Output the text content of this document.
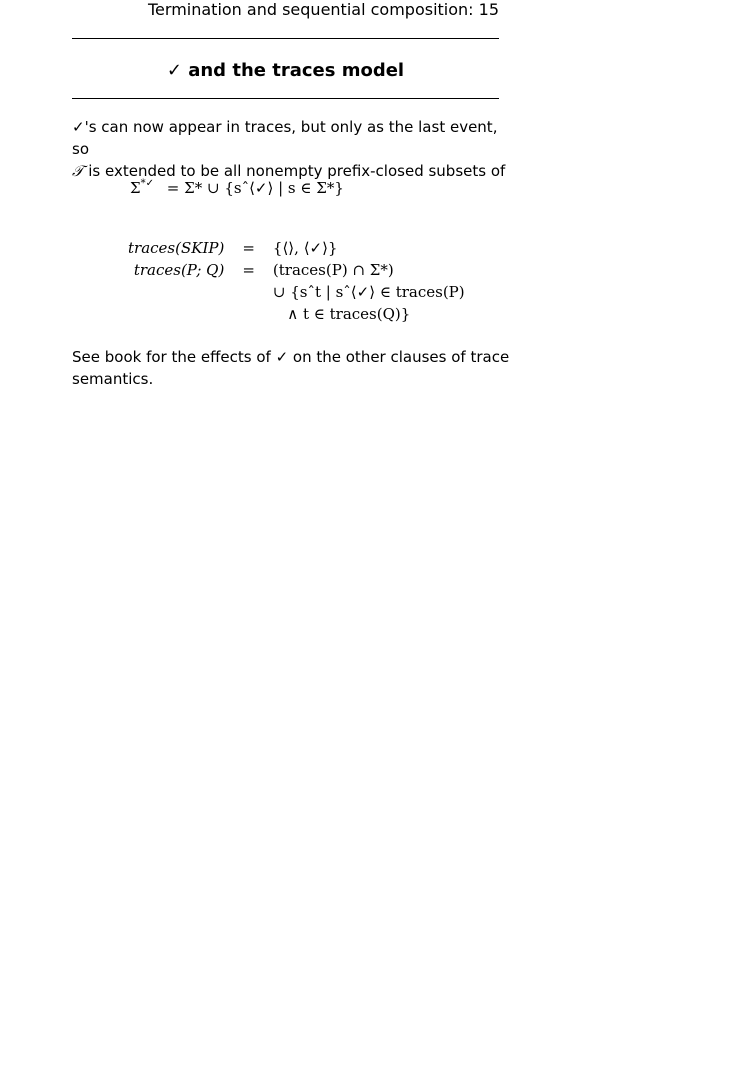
Termination and sequential composition: 15
✓ and the traces model
✓'s can now appear in traces, but only as the last event, so
𝒯 is extended to be all nonempty prefix-closed subsets of
Σ*✓ = Σ* ∪ {sˆ⟨✓⟩ | s ∈ Σ*}
traces(SKIP)	=	{⟨⟩, ⟨✓⟩}
traces(P; Q)	=	(traces(P) ∩ Σ*)
		∪ {sˆt | sˆ⟨✓⟩ ∈ traces(P)
		∧ t ∈ traces(Q)}
See book for the effects of ✓ on the other clauses of trace
semantics.
